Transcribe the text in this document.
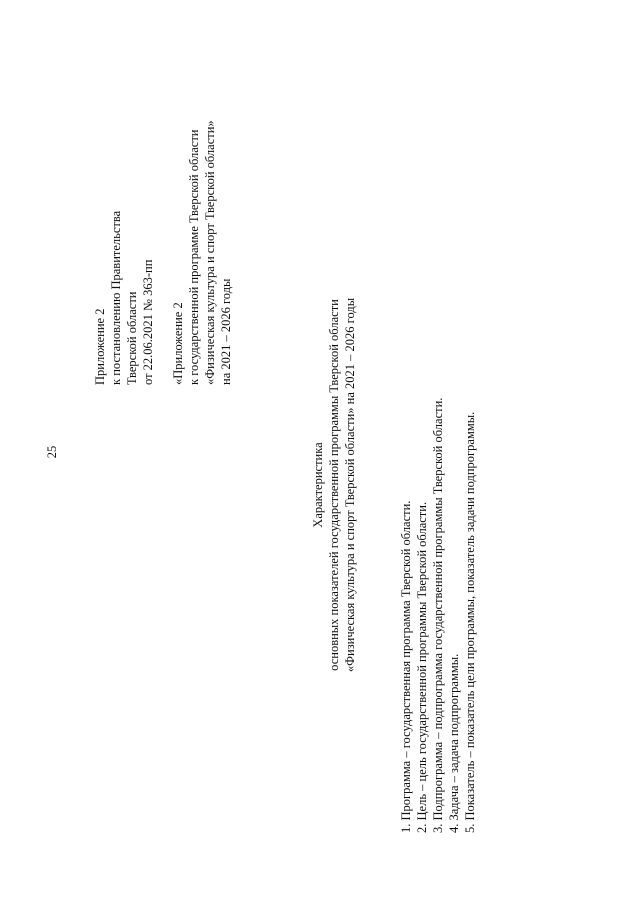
25
Приложение 2 к постановлению Правительства Тверской области от 22.06.2021 № 363-пп «Приложение 2 к государственной программе Тверской области «Физическая культура и спорт Тверской области» на 2021 – 2026 годы
Характеристика основных показателей государственной программы Тверской области «Физическая культура и спорт Тверской области» на 2021 – 2026 годы	1. Программа – государственная программа Тверской области. 2. Цель – цель государственной программы Тверской области. 3. Подпрограмма – подпрограмма государственной программы Тверской области. 4. Задача – задача подпрограммы. 5. Показатель – показатель цели программы, показатель задачи подпрограммы.
